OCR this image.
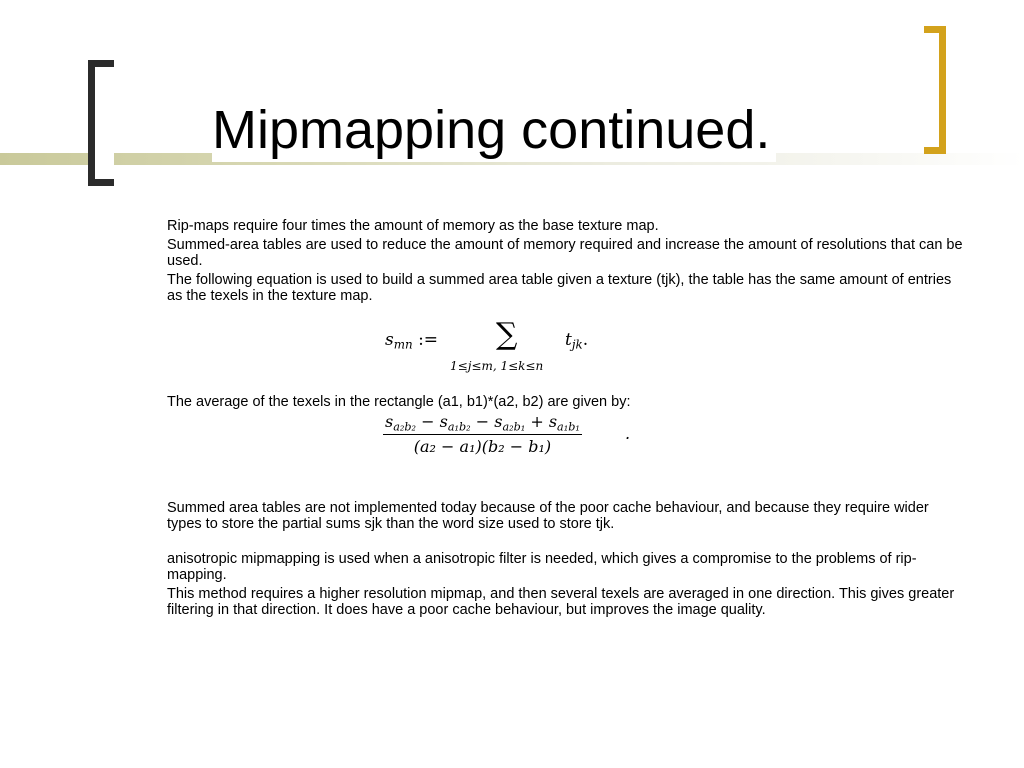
Mipmapping continued.

Rip-maps require four times the amount of memory as the base texture map.

Summed-area tables are used to reduce the amount of memory required and increase the amount of resolutions that can be used.

The following equation is used to build a summed area table given a texture (tjk), the table has the same amount of entries as the texels in the texture map.

$s_{mn}$ := ∑	$t_{jk}$.
1≤j≤m, 1≤k≤n

The average of the texels in the rectangle (a1, b1)*(a2, b2) are given by:

$\frac{s_{a_2b_2} - s_{a_1b_2} - s_{a_2b_1} + s_{a_1b_1}}{\text{(a₂ − a₁)(b₂ − b₁)}}$	.

Summed area tables are not implemented today because of the poor cache behaviour, and because they require wider types to store the partial sums sjk than the word size used to store tjk.

anisotropic mipmapping is used when a anisotropic filter is needed, which gives a compromise to the problems of rip-mapping.

This method requires a higher resolution mipmap, and then several texels are averaged in one direction. This gives greater filtering in that direction. It does have a poor cache behaviour, but improves the image quality.
